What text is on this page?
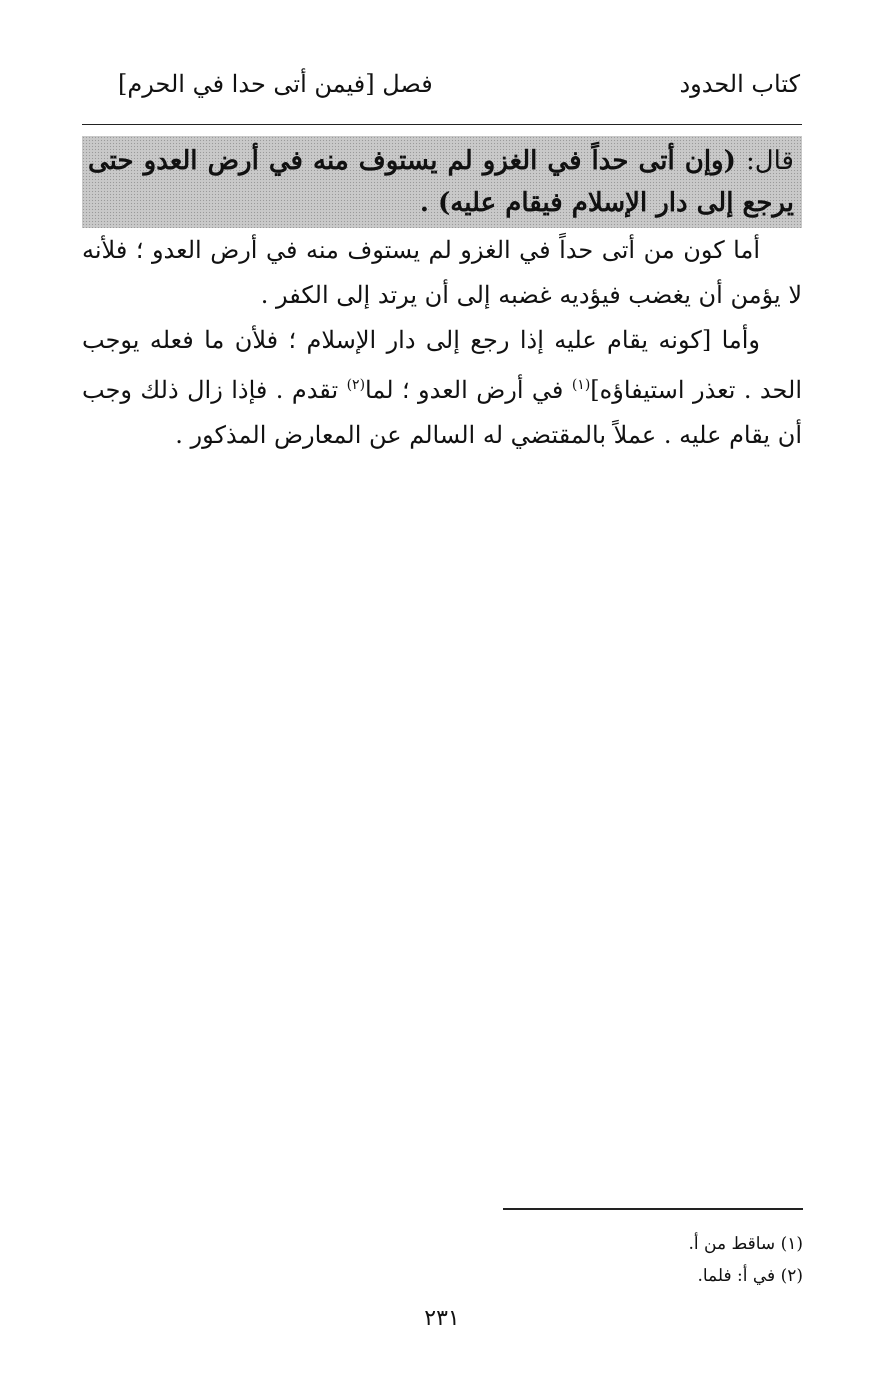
كتاب الحدود
فصل [فيمن أتى حدا في الحرم]

قال: (وإن أتى حداً في الغزو لم يستوف منه في أرض العدو حتى يرجع إلى دار الإسلام فيقام عليه) .

أما كون من أتى حداً في الغزو لم يستوف منه في أرض العدو ؛ فلأنه لا يؤمن أن يغضب فيؤديه غضبه إلى أن يرتد إلى الكفر .

وأما [كونه يقام عليه إذا رجع إلى دار الإسلام ؛ فلأن ما فعله يوجب الحد . تعذر استيفاؤه]$^{(١)}$ في أرض العدو ؛ لما$^{(٢)}$ تقدم . فإذا زال ذلك وجب أن يقام عليه . عملاً بالمقتضي له السالم عن المعارض المذكور .

(١) ساقط من أ.
(٢) في أ: فلما.
٢٣١
